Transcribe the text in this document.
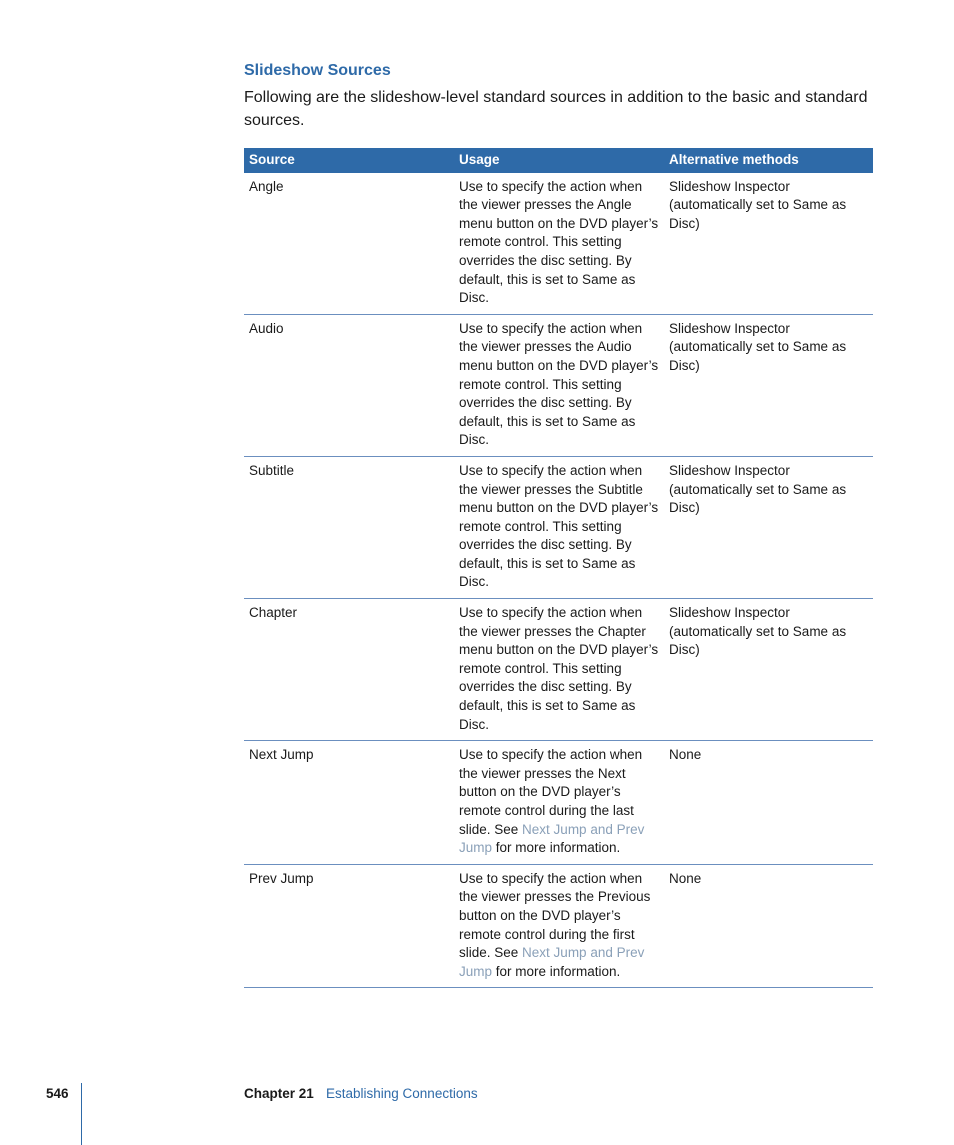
Slideshow Sources
Following are the slideshow-level standard sources in addition to the basic and standard sources.
Source	Usage	Alternative methods
Angle	Use to specify the action when the viewer presses the Angle menu button on the DVD player’s remote control. This setting overrides the disc setting. By default, this is set to Same as Disc.	Slideshow Inspector (automatically set to Same as Disc)
Audio	Use to specify the action when the viewer presses the Audio menu button on the DVD player’s remote control. This setting overrides the disc setting. By default, this is set to Same as Disc.	Slideshow Inspector (automatically set to Same as Disc)
Subtitle	Use to specify the action when the viewer presses the Subtitle menu button on the DVD player’s remote control. This setting overrides the disc setting. By default, this is set to Same as Disc.	Slideshow Inspector (automatically set to Same as Disc)
Chapter	Use to specify the action when the viewer presses the Chapter menu button on the DVD player’s remote control. This setting overrides the disc setting. By default, this is set to Same as Disc.	Slideshow Inspector (automatically set to Same as Disc)
Next Jump	Use to specify the action when the viewer presses the Next button on the DVD player’s remote control during the last slide. See Next Jump and Prev Jump for more information.	None
Prev Jump	Use to specify the action when the viewer presses the Previous button on the DVD player’s remote control during the first slide. See Next Jump and Prev Jump for more information.	None
546	Chapter 21 Establishing Connections
